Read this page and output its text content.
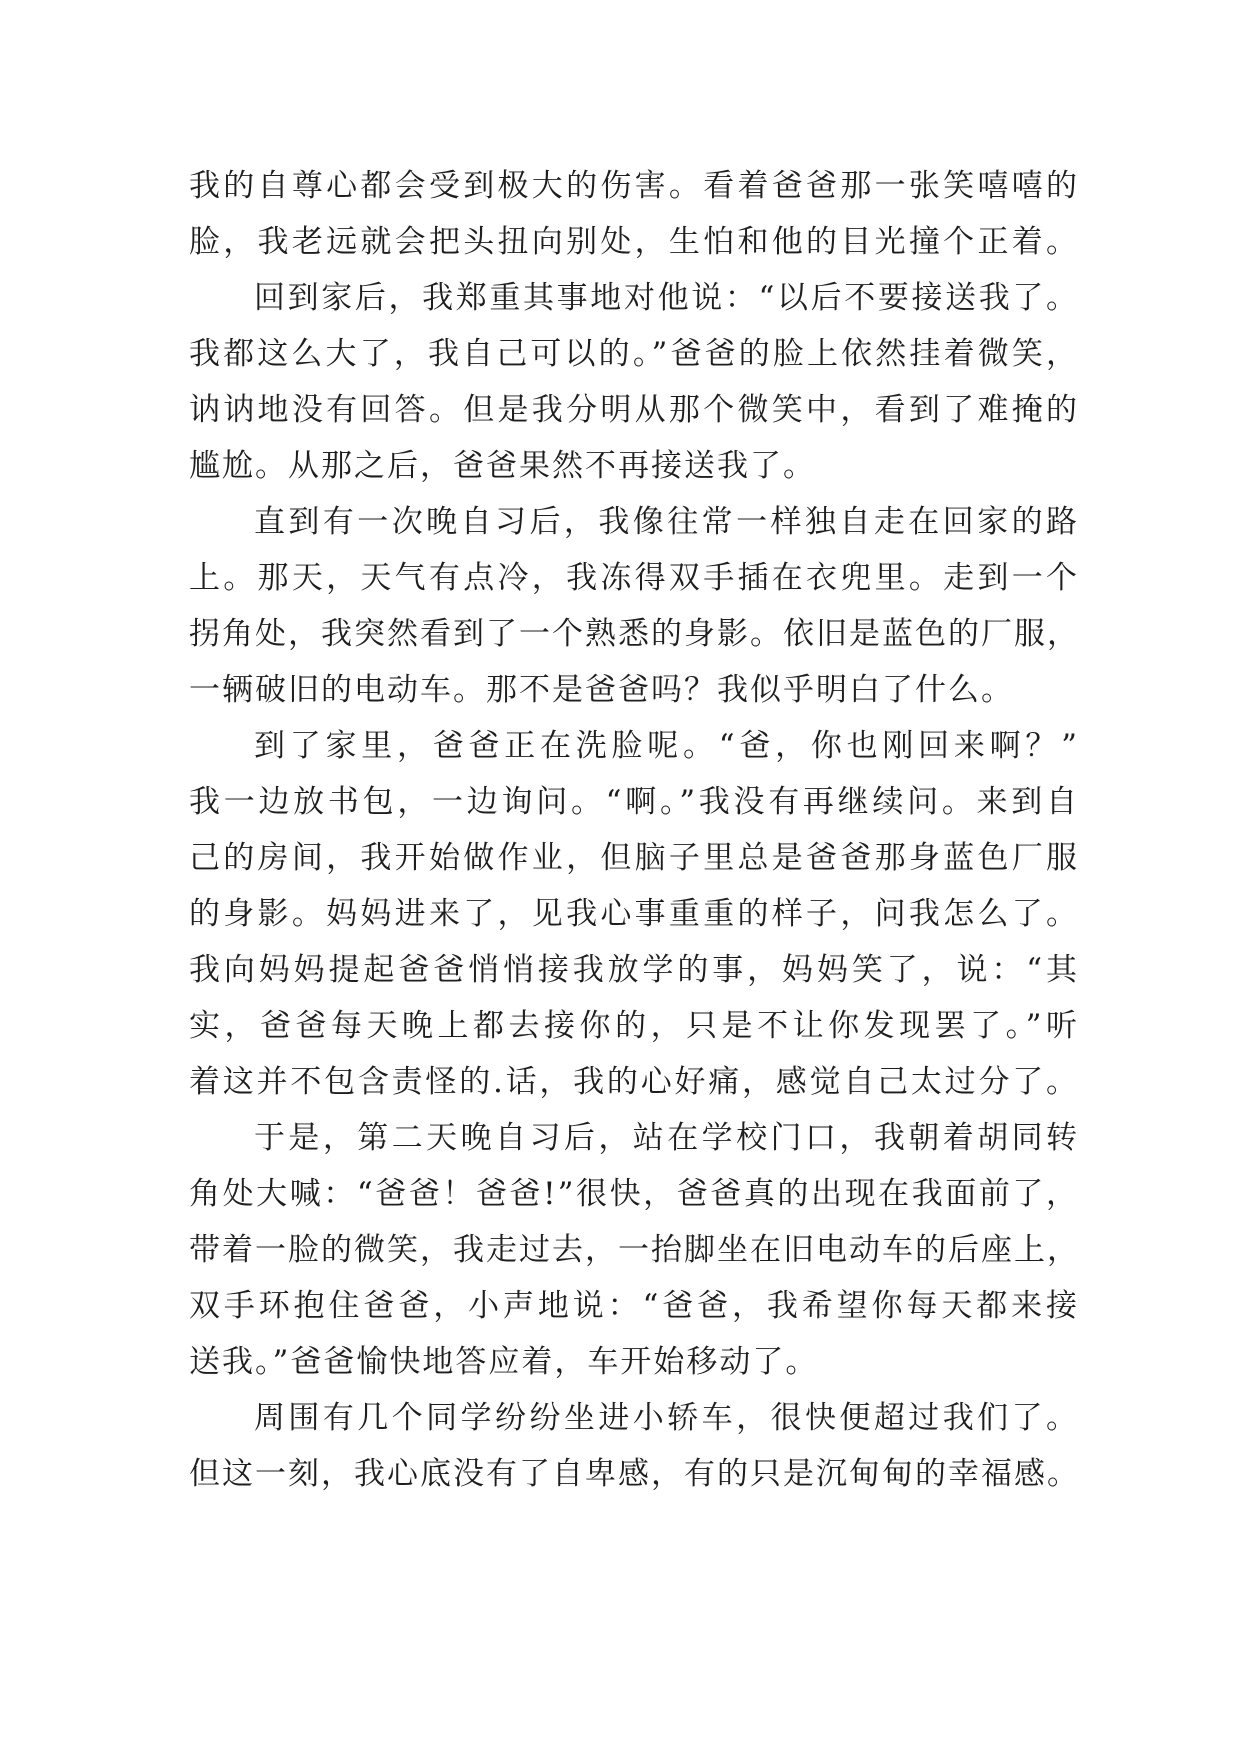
我的自尊心都会受到极大的伤害。看着爸爸那一张笑嘻嘻的
脸，我老远就会把头扭向别处，生怕和他的目光撞个正着。
回到家后，我郑重其事地对他说：“以后不要接送我了。
我都这么大了，我自己可以的。”爸爸的脸上依然挂着微笑，
讷讷地没有回答。但是我分明从那个微笑中，看到了难掩的
尴尬。从那之后，爸爸果然不再接送我了。
直到有一次晚自习后，我像往常一样独自走在回家的路
上。那天，天气有点冷，我冻得双手插在衣兜里。走到一个
拐角处，我突然看到了一个熟悉的身影。依旧是蓝色的厂服，
一辆破旧的电动车。那不是爸爸吗？我似乎明白了什么。
到了家里，爸爸正在洗脸呢。“爸，你也刚回来啊？”
我一边放书包，一边询问。“啊。”我没有再继续问。来到自
己的房间，我开始做作业，但脑子里总是爸爸那身蓝色厂服
的身影。妈妈进来了，见我心事重重的样子，问我怎么了。
我向妈妈提起爸爸悄悄接我放学的事，妈妈笑了，说：“其
实，爸爸每天晚上都去接你的，只是不让你发现罢了。”听
着这并不包含责怪的.话，我的心好痛，感觉自己太过分了。
于是，第二天晚自习后，站在学校门口，我朝着胡同转
角处大喊：“爸爸！爸爸!”很快，爸爸真的出现在我面前了，
带着一脸的微笑，我走过去，一抬脚坐在旧电动车的后座上，
双手环抱住爸爸，小声地说：“爸爸，我希望你每天都来接
送我。”爸爸愉快地答应着，车开始移动了。
周围有几个同学纷纷坐进小轿车，很快便超过我们了。
但这一刻，我心底没有了自卑感，有的只是沉甸甸的幸福感。
